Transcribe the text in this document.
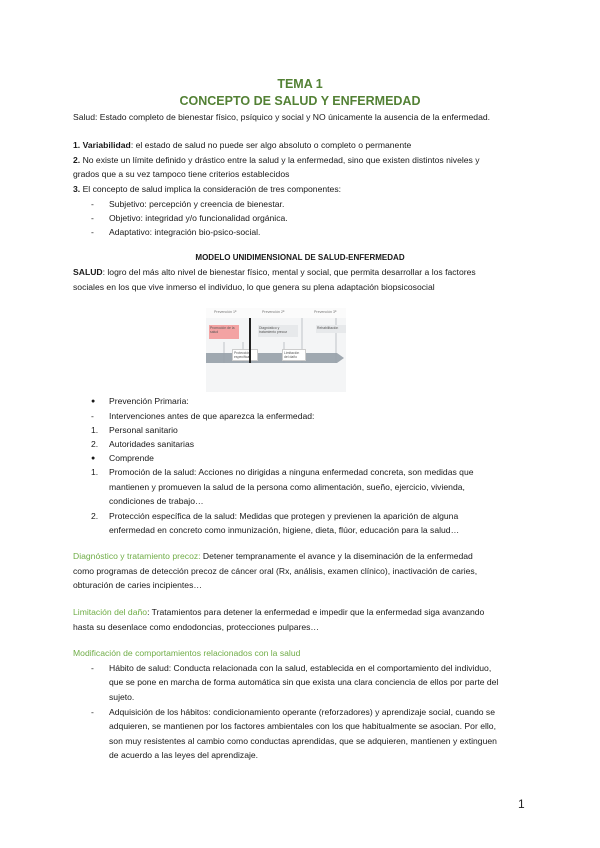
TEMA 1
CONCEPTO DE SALUD Y ENFERMEDAD
Salud: Estado completo de bienestar físico, psíquico y social y NO únicamente la ausencia de la enfermedad.
1. Variabilidad: el estado de salud no puede ser algo absoluto o completo o permanente
2. No existe un límite definido y drástico entre la salud y la enfermedad, sino que existen distintos niveles y
grados que a su vez tampoco tiene criterios establecidos
3. El concepto de salud implica la consideración de tres componentes:
- Subjetivo: percepción y creencia de bienestar.
- Objetivo: integridad y/o funcionalidad orgánica.
- Adaptativo: integración bio-psico-social.
MODELO UNIDIMENSIONAL DE SALUD-ENFERMEDAD
SALUD: logro del más alto nivel de bienestar físico, mental y social, que permita desarrollar a los factores
sociales en los que vive inmerso el individuo, lo que genera su plena adaptación biopsicosocial
Prevención 1ª	Prevención 2ª	Prevención 3ª
Promoción de la salud
Diagnóstico y tratamiento precoz
Rehabilitación
Protección específica
Limitación del daño
● Prevención Primaria:
- Intervenciones antes de que aparezca la enfermedad:
1. Personal sanitario
2. Autoridades sanitarias
● Comprende
1. Promoción de la salud: Acciones no dirigidas a ninguna enfermedad concreta, son medidas que
mantienen y promueven la salud de la persona como alimentación, sueño, ejercicio, vivienda,
condiciones de trabajo…
2. Protección específica de la salud: Medidas que protegen y previenen la aparición de alguna
enfermedad en concreto como inmunización, higiene, dieta, flúor, educación para la salud…
Diagnóstico y tratamiento precoz: Detener tempranamente el avance y la diseminación de la enfermedad
como programas de detección precoz de cáncer oral (Rx, análisis, examen clínico), inactivación de caries,
obturación de caries incipientes…
Limitación del daño: Tratamientos para detener la enfermedad e impedir que la enfermedad siga avanzando
hasta su desenlace como endodoncias, protecciones pulpares…
Modificación de comportamientos relacionados con la salud
- Hábito de salud: Conducta relacionada con la salud, establecida en el comportamiento del individuo,
que se pone en marcha de forma automática sin que exista una clara conciencia de ellos por parte del
sujeto.
- Adquisición de los hábitos: condicionamiento operante (reforzadores) y aprendizaje social, cuando se
adquieren, se mantienen por los factores ambientales con los que habitualmente se asocian. Por ello,
son muy resistentes al cambio como conductas aprendidas, que se adquieren, mantienen y extinguen
de acuerdo a las leyes del aprendizaje.
1
